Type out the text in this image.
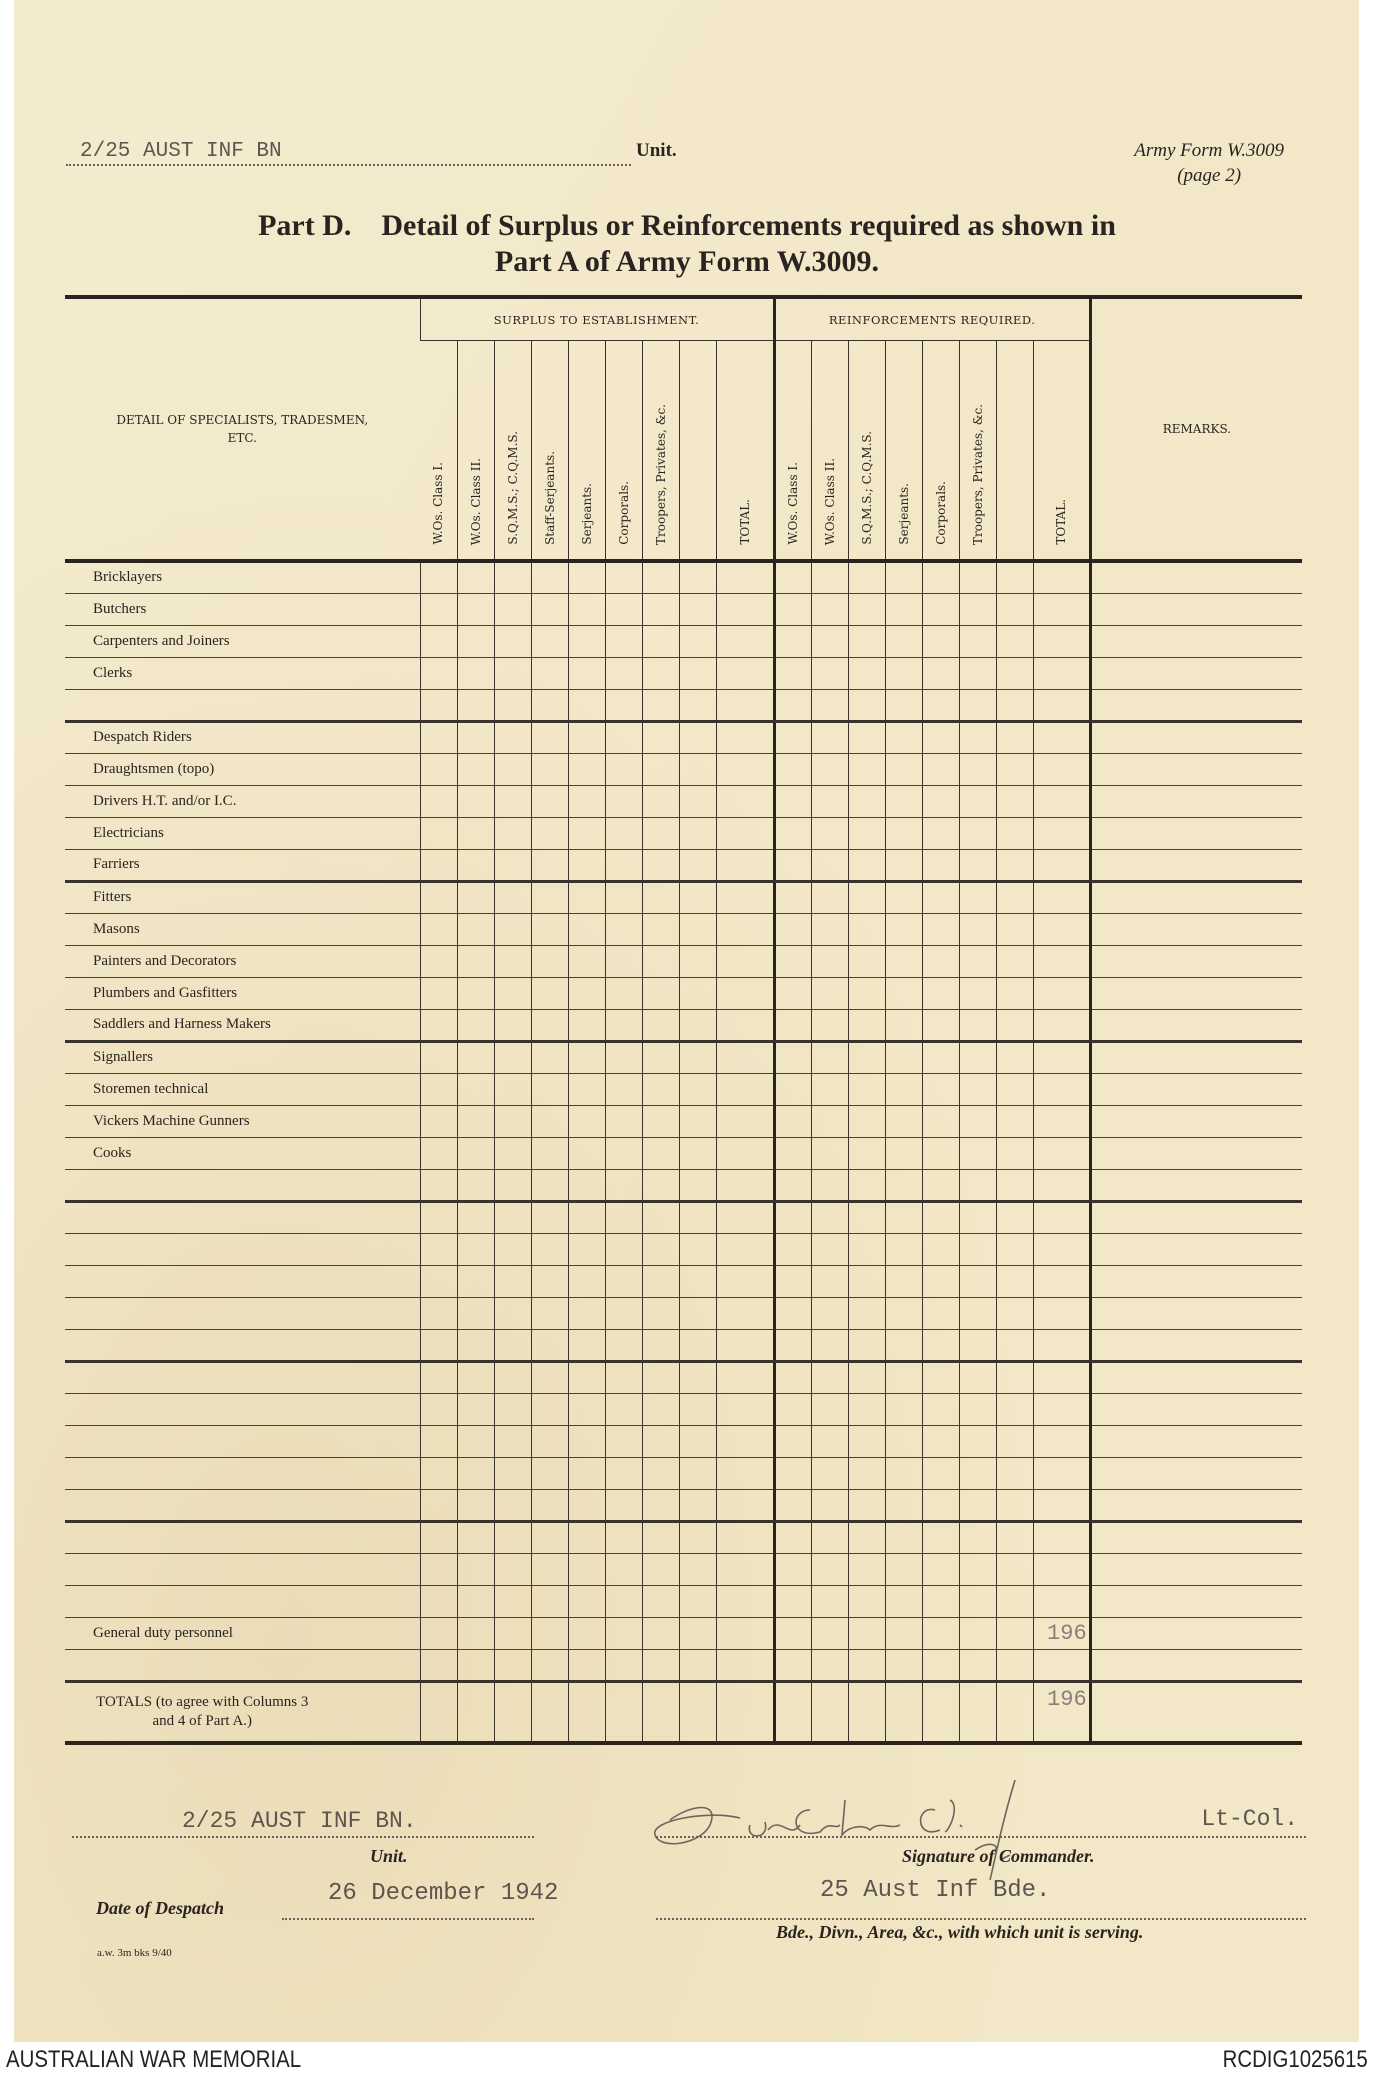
2/25 AUST INF BN	Unit.	Army Form W.3009
(page 2)
Part D. Detail of Surplus or Reinforcements required as shown in
Part A of Army Form W.3009.
DETAIL OF SPECIALISTS, TRADESMEN, ETC.	SURPLUS TO ESTABLISHMENT.									REINFORCEMENTS REQUIRED.								REMARKS.

	W.Os. Class I.	W.Os. Class II.	S.Q.M.S.; C.Q.M.S.	Staff-Serjeants.	Serjeants.	Corporals.	Troopers, Privates, &c.		TOTAL.	W.Os. Class I.	W.Os. Class II.	S.Q.M.S.; C.Q.M.S.	Serjeants.	Corporals.	Troopers, Privates, &c.		TOTAL.	

Bricklayers																		
Butchers																		
Carpenters and Joiners																		
Clerks																		

Despatch Riders																		
Draughtsmen (topo)																		
Drivers H.T. and/or I.C.																		
Electricians																		
Farriers																		
Fitters																		
Masons																		
Painters and Decorators																		
Plumbers and Gasfitters																		
Saddlers and Harness Makers																		
Signallers																		
Storemen technical																		
Vickers Machine Gunners																		
Cooks																		

General duty personnel																	196	

TOTALS (to agree with Columns 3 and 4 of Part A.)																	196	
2/25 AUST INF BN.
Unit.
Lt-Col.
Signature of Commander.
Date of Despatch
26 December 1942	25 Aust Inf Bde.
Bde., Divn., Area, &c., with which unit is serving.
a.w. 3m bks 9/40
AUSTRALIAN WAR MEMORIAL	RCDIG1025615
